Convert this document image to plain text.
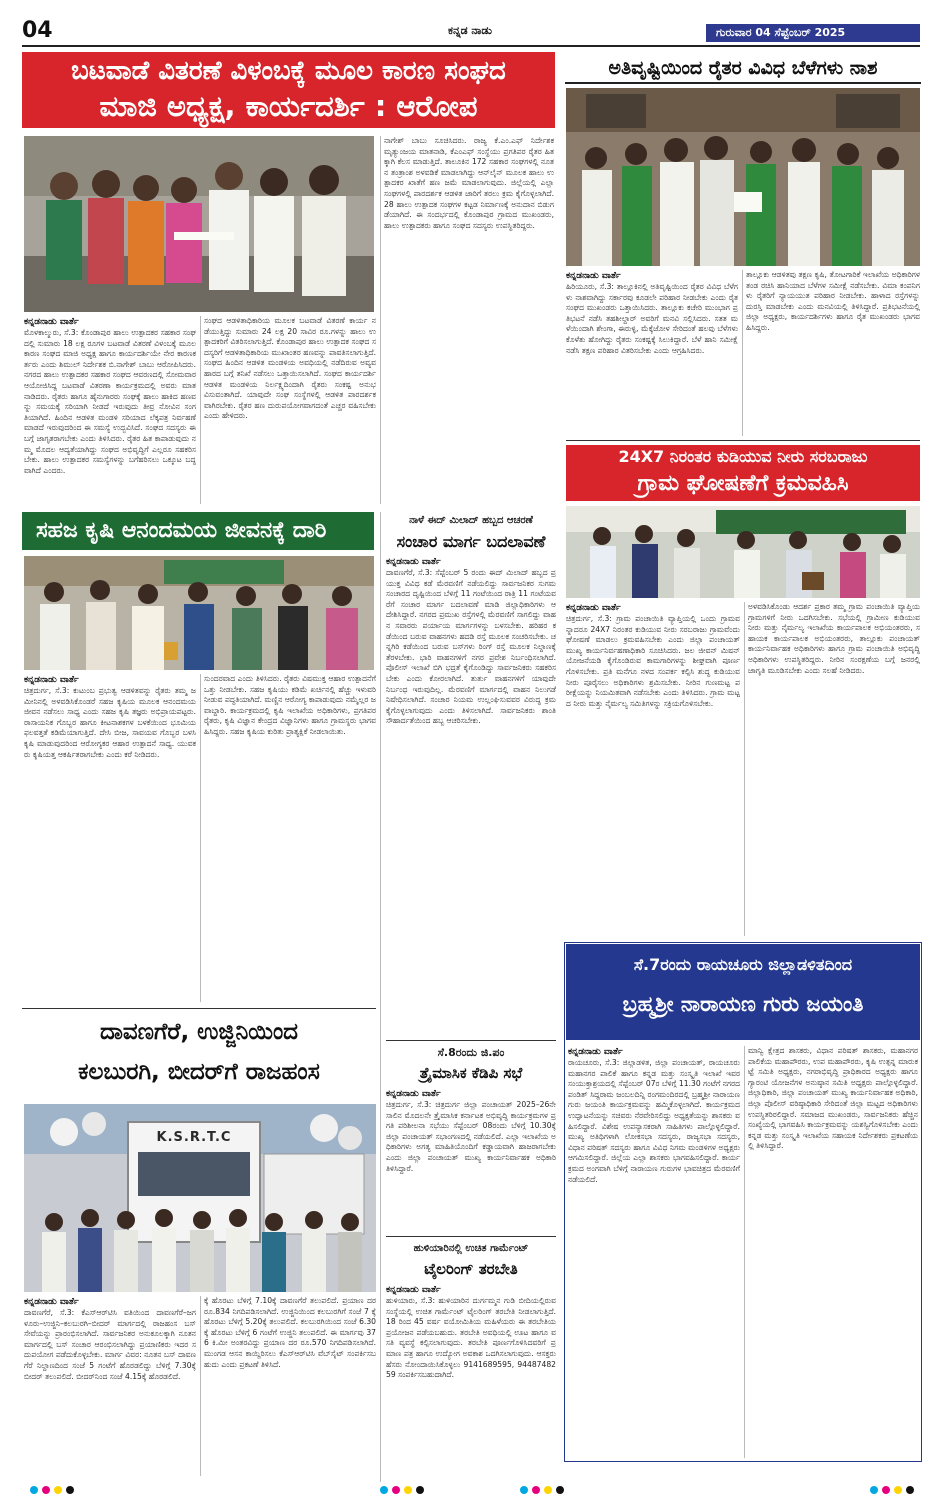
04	ಕನ್ನಡ ನಾಡು	ಗುರುವಾರ 04 ಸೆಪ್ಟೆಂಬರ್ 2025
ಬಟವಾಡೆ ವಿತರಣೆ ವಿಳಂಬಕ್ಕೆ ಮೂಲ ಕಾರಣ ಸಂಘದ
ಮಾಜಿ ಅಧ್ಯಕ್ಷ, ಕಾರ್ಯದರ್ಶಿ : ಆರೋಪ
ಕನ್ನಡನಾಡು ವಾರ್ತೆ
ಮೊಳಕಾಲ್ಮುರು, ಸೆ.3: ಕೊಂಡಾಪುರ ಹಾಲು ಉತ್ಪಾದಕರ ಸಹಕಾರ ಸಂಘದಲ್ಲಿ ಸುಮಾರು 18 ಲಕ್ಷ ರೂಗಳ ಬಟವಾಡೆ ವಿತರಣೆ ವಿಳಂಬಕ್ಕೆ ಮೂಲ ಕಾರಣ ಸಂಘದ ಮಾಜಿ ಅಧ್ಯಕ್ಷ ಹಾಗೂ ಕಾರ್ಯದರ್ಶಿಯೇ ನೇರ ಕಾರಣಕರ್ತರು ಎಂದು ಶಿಮುಲ್ ನಿರ್ದೇಶಕ ಬಿ.ನಾಗೇಶ್ ಬಾಬು ಆರೋಪಿಸಿದರು. ನಗರದ ಹಾಲು ಉತ್ಪಾದಕರ ಸಹಕಾರ ಸಂಘದ ಆವರಣದಲ್ಲಿ ಸೋಮವಾರ ಆಯೋಜಿಸಿದ್ದ ಬಟವಾಡೆ ವಿತರಣಾ ಕಾರ್ಯಕ್ರಮದಲ್ಲಿ ಅವರು ಮಾತನಾಡಿದರು. ರೈತರು ಹಾಗೂ ಹೈನುಗಾರರು ಸಂಘಕ್ಕೆ ಹಾಲು ಹಾಕಿದ ಹಣವನ್ನು ಸಮಯಕ್ಕೆ ಸರಿಯಾಗಿ ನೀಡದೆ ಇರುವುದು ತೀವ್ರ ನೋವಿನ ಸಂಗತಿಯಾಗಿದೆ. ಹಿಂದಿನ ಆಡಳಿತ ಮಂಡಳಿ ಸರಿಯಾದ ಲೆಕ್ಕಪತ್ರ ನಿರ್ವಹಣೆ ಮಾಡದೆ ಇರುವುದರಿಂದ ಈ ಸಮಸ್ಯೆ ಉದ್ಭವಿಸಿದೆ. ಸಂಘದ ಸದಸ್ಯರು ಈ ಬಗ್ಗೆ ಜಾಗೃತರಾಗಬೇಕು ಎಂದು ತಿಳಿಸಿದರು. ರೈತರ ಹಿತ ಕಾಪಾಡುವುದು ನಮ್ಮ ಮೊದಲ ಆದ್ಯತೆಯಾಗಿದ್ದು ಸಂಘದ ಅಭಿವೃದ್ಧಿಗೆ ಎಲ್ಲರೂ ಸಹಕರಿಸಬೇಕು. ಹಾಲು ಉತ್ಪಾದಕರ ಸಮಸ್ಯೆಗಳನ್ನು ಬಗೆಹರಿಸಲು ಒಕ್ಕೂಟ ಬದ್ಧವಾಗಿದೆ ಎಂದರು.
ಸಂಘದ ಆಡಳಿತಾಧಿಕಾರಿಯ ಮೂಲಕ ಬಟವಾಡೆ ವಿತರಣೆ ಕಾರ್ಯ ನಡೆಯುತ್ತಿದ್ದು ಸುಮಾರು 24 ಲಕ್ಷ 20 ಸಾವಿರ ರೂ.ಗಳನ್ನು ಹಾಲು ಉತ್ಪಾದಕರಿಗೆ ವಿತರಿಸಲಾಗುತ್ತಿದೆ. ಕೊಂಡಾಪುರ ಹಾಲು ಉತ್ಪಾದಕ ಸಂಘದ ಸದಸ್ಯರಿಗೆ ಆಡಳಿತಾಧಿಕಾರಿಯ ಮುಖಾಂತರ ಹಣವನ್ನು ಪಾವತಿಸಲಾಗುತ್ತಿದೆ. ಸಂಘದ ಹಿಂದಿನ ಆಡಳಿತ ಮಂಡಳಿಯ ಅವಧಿಯಲ್ಲಿ ನಡೆದಿರುವ ಅವ್ಯವಹಾರದ ಬಗ್ಗೆ ತನಿಖೆ ನಡೆಸಲು ಒತ್ತಾಯಿಸಲಾಗಿದೆ. ಸಂಘದ ಕಾರ್ಯದರ್ಶಿ ಆಡಳಿತ ಮಂಡಳಿಯ ನಿರ್ಲಕ್ಷ್ಯದಿಂದಾಗಿ ರೈತರು ಸಂಕಷ್ಟ ಅನುಭವಿಸುವಂತಾಗಿದೆ. ಯಾವುದೇ ಸಂಘ ಸಂಸ್ಥೆಗಳಲ್ಲಿ ಆಡಳಿತ ಪಾರದರ್ಶಕವಾಗಿರಬೇಕು. ರೈತರ ಹಣ ದುರುಪಯೋಗವಾಗದಂತೆ ಎಚ್ಚರ ವಹಿಸಬೇಕು ಎಂದು ಹೇಳಿದರು.
ನಾಗೇಶ್ ಬಾಬು ಸೂಚಿಸಿದರು. ರಾಜ್ಯ ಕೆ.ಎಂ.ಎಫ್ ನಿರ್ದೇಶಕ ಮೃತ್ಯುಂಜಯ ಮಾತನಾಡಿ, ಕೆಎಂಎಫ್ ಸಂಸ್ಥೆಯು ಪ್ರಗತಿಪರ ರೈತರ ಹಿತಕ್ಕಾಗಿ ಕೆಲಸ ಮಾಡುತ್ತಿದೆ. ತಾಲೂಕಿನ 172 ಸಹಕಾರ ಸಂಘಗಳಲ್ಲಿ ನೂತನ ತಂತ್ರಾಂಶ ಅಳವಡಿಕೆ ಮಾಡಲಾಗಿದ್ದು ಆನ್‌ಲೈನ್ ಮೂಲಕ ಹಾಲು ಉತ್ಪಾದಕರ ಖಾತೆಗೆ ಹಣ ಜಮೆ ಮಾಡಲಾಗುವುದು. ಜಿಲ್ಲೆಯಲ್ಲಿ ಎಲ್ಲಾ ಸಂಘಗಳಲ್ಲಿ ಪಾರದರ್ಶಕ ಆಡಳಿತ ಜಾರಿಗೆ ತರಲು ಕ್ರಮ ಕೈಗೊಳ್ಳಲಾಗಿದೆ. 28 ಹಾಲು ಉತ್ಪಾದಕ ಸಂಘಗಳ ಕಟ್ಟಡ ನಿರ್ಮಾಣಕ್ಕೆ ಅನುದಾನ ಬಿಡುಗಡೆಯಾಗಿದೆ. ಈ ಸಂದರ್ಭದಲ್ಲಿ ಕೊಂಡಾಪುರ ಗ್ರಾಮದ ಮುಖಂಡರು, ಹಾಲು ಉತ್ಪಾದಕರು ಹಾಗೂ ಸಂಘದ ಸದಸ್ಯರು ಉಪಸ್ಥಿತರಿದ್ದರು.
ಅತಿವೃಷ್ಟಿಯಿಂದ ರೈತರ ವಿವಿಧ ಬೆಳೆಗಳು ನಾಶ
ಕನ್ನಡನಾಡು ವಾರ್ತೆ
ಹಿರಿಯೂರು, ಸೆ.3: ತಾಲ್ಲೂಕಿನಲ್ಲಿ ಅತಿವೃಷ್ಟಿಯಿಂದ ರೈತರ ವಿವಿಧ ಬೆಳೆಗಳು ನಾಶವಾಗಿದ್ದು ಸರ್ಕಾರವು ಕೂಡಲೇ ಪರಿಹಾರ ನೀಡಬೇಕು ಎಂದು ರೈತ ಸಂಘದ ಮುಖಂಡರು ಒತ್ತಾಯಿಸಿದರು. ತಾಲ್ಲೂಕು ಕಚೇರಿ ಮುಂಭಾಗ ಪ್ರತಿಭಟನೆ ನಡೆಸಿ ತಹಶೀಲ್ದಾರ್ ಅವರಿಗೆ ಮನವಿ ಸಲ್ಲಿಸಿದರು. ಸತತ ಮಳೆಯಿಂದಾಗಿ ಶೇಂಗಾ, ಈರುಳ್ಳಿ, ಮೆಕ್ಕೆಜೋಳ ಸೇರಿದಂತೆ ಹಲವು ಬೆಳೆಗಳು ಕೊಳೆತು ಹೋಗಿದ್ದು ರೈತರು ಸಂಕಷ್ಟಕ್ಕೆ ಸಿಲುಕಿದ್ದಾರೆ. ಬೆಳೆ ಹಾನಿ ಸಮೀಕ್ಷೆ ನಡೆಸಿ ತಕ್ಷಣ ಪರಿಹಾರ ವಿತರಿಸಬೇಕು ಎಂದು ಆಗ್ರಹಿಸಿದರು.
ತಾಲ್ಲೂಕು ಆಡಳಿತವು ತಕ್ಷಣ ಕೃಷಿ, ತೋಟಗಾರಿಕೆ ಇಲಾಖೆಯ ಅಧಿಕಾರಿಗಳ ತಂಡ ರಚಿಸಿ ಹಾನಿಯಾದ ಬೆಳೆಗಳ ಸಮೀಕ್ಷೆ ನಡೆಸಬೇಕು. ವಿಮಾ ಕಂಪನಿಗಳು ರೈತರಿಗೆ ನ್ಯಾಯಯುತ ಪರಿಹಾರ ನೀಡಬೇಕು. ಹಾಳಾದ ರಸ್ತೆಗಳನ್ನು ದುರಸ್ತಿ ಮಾಡಬೇಕು ಎಂದು ಮನವಿಯಲ್ಲಿ ತಿಳಿಸಿದ್ದಾರೆ. ಪ್ರತಿಭಟನೆಯಲ್ಲಿ ಜಿಲ್ಲಾ ಅಧ್ಯಕ್ಷರು, ಕಾರ್ಯದರ್ಶಿಗಳು ಹಾಗೂ ರೈತ ಮುಖಂಡರು ಭಾಗವಹಿಸಿದ್ದರು.
24X7 ನಿರಂತರ ಕುಡಿಯುವ ನೀರು ಸರಬರಾಜು
ಗ್ರಾಮ ಘೋಷಣೆಗೆ ಕ್ರಮವಹಿಸಿ
ಕನ್ನಡನಾಡು ವಾರ್ತೆ
ಚಿತ್ರದುರ್ಗ, ಸೆ.3: ಗ್ರಾಮ ಪಂಚಾಯಿತಿ ವ್ಯಾಪ್ತಿಯಲ್ಲಿ ಒಂದು ಗ್ರಾಮವನ್ನಾದರೂ 24X7 ನಿರಂತರ ಕುಡಿಯುವ ನೀರು ಸರಬರಾಜು ಗ್ರಾಮವೆಂದು ಘೋಷಣೆ ಮಾಡಲು ಕ್ರಮವಹಿಸಬೇಕು ಎಂದು ಜಿಲ್ಲಾ ಪಂಚಾಯತ್ ಮುಖ್ಯ ಕಾರ್ಯನಿರ್ವಹಣಾಧಿಕಾರಿ ಸೂಚಿಸಿದರು. ಜಲ ಜೀವನ್ ಮಿಷನ್ ಯೋಜನೆಯಡಿ ಕೈಗೊಂಡಿರುವ ಕಾಮಗಾರಿಗಳನ್ನು ಶೀಘ್ರವಾಗಿ ಪೂರ್ಣಗೊಳಿಸಬೇಕು. ಪ್ರತಿ ಮನೆಗೂ ನಳದ ಸಂಪರ್ಕ ಕಲ್ಪಿಸಿ ಶುದ್ಧ ಕುಡಿಯುವ ನೀರು ಪೂರೈಸಲು ಅಧಿಕಾರಿಗಳು ಶ್ರಮಿಸಬೇಕು. ನೀರಿನ ಗುಣಮಟ್ಟ ಪರೀಕ್ಷೆಯನ್ನು ನಿಯಮಿತವಾಗಿ ನಡೆಸಬೇಕು ಎಂದು ತಿಳಿಸಿದರು. ಗ್ರಾಮ ಮಟ್ಟದ ನೀರು ಮತ್ತು ನೈರ್ಮಲ್ಯ ಸಮಿತಿಗಳನ್ನು ಸಕ್ರಿಯಗೊಳಿಸಬೇಕು.
ಅಳವಡಿಸಿಕೊಂಡು ಆದರ್ಶ ಪ್ರಕಾರ ತಮ್ಮ ಗ್ರಾಮ ಪಂಚಾಯಿತಿ ವ್ಯಾಪ್ತಿಯ ಗ್ರಾಮಗಳಿಗೆ ನೀರು ಒದಗಿಸಬೇಕು. ಸಭೆಯಲ್ಲಿ ಗ್ರಾಮೀಣ ಕುಡಿಯುವ ನೀರು ಮತ್ತು ನೈರ್ಮಲ್ಯ ಇಲಾಖೆಯ ಕಾರ್ಯಪಾಲಕ ಅಭಿಯಂತರರು, ಸಹಾಯಕ ಕಾರ್ಯಪಾಲಕ ಅಭಿಯಂತರರು, ತಾಲ್ಲೂಕು ಪಂಚಾಯತ್ ಕಾರ್ಯನಿರ್ವಾಹಕ ಅಧಿಕಾರಿಗಳು ಹಾಗೂ ಗ್ರಾಮ ಪಂಚಾಯಿತಿ ಅಭಿವೃದ್ಧಿ ಅಧಿಕಾರಿಗಳು ಉಪಸ್ಥಿತರಿದ್ದರು. ನೀರಿನ ಸಂರಕ್ಷಣೆಯ ಬಗ್ಗೆ ಜನರಲ್ಲಿ ಜಾಗೃತಿ ಮೂಡಿಸಬೇಕು ಎಂದು ಸಲಹೆ ನೀಡಿದರು.
ಸಹಜ ಕೃಷಿ ಆನಂದಮಯ ಜೀವನಕ್ಕೆ ದಾರಿ
ಕನ್ನಡನಾಡು ವಾರ್ತೆ
ಚಿತ್ರದುರ್ಗ, ಸೆ.3: ಕುಟುಂಬ ಪ್ರಭುತ್ವ ಆಡಳಿತವನ್ನು ರೈತರು ತಮ್ಮ ಜಮೀನಿನಲ್ಲಿ ಅಳವಡಿಸಿಕೊಂಡರೆ ಸಹಜ ಕೃಷಿಯ ಮೂಲಕ ಆನಂದಮಯ ಜೀವನ ನಡೆಸಲು ಸಾಧ್ಯ ಎಂದು ಸಹಜ ಕೃಷಿ ತಜ್ಞರು ಅಭಿಪ್ರಾಯಪಟ್ಟರು. ರಾಸಾಯನಿಕ ಗೊಬ್ಬರ ಹಾಗೂ ಕೀಟನಾಶಕಗಳ ಬಳಕೆಯಿಂದ ಭೂಮಿಯ ಫಲವತ್ತತೆ ಕಡಿಮೆಯಾಗುತ್ತಿದೆ. ದೇಸಿ ಬೀಜ, ಸಾವಯವ ಗೊಬ್ಬರ ಬಳಸಿ ಕೃಷಿ ಮಾಡುವುದರಿಂದ ಆರೋಗ್ಯಕರ ಆಹಾರ ಉತ್ಪಾದನೆ ಸಾಧ್ಯ. ಯುವಕರು ಕೃಷಿಯತ್ತ ಆಕರ್ಷಿತರಾಗಬೇಕು ಎಂದು ಕರೆ ನೀಡಿದರು.
ಸುಂದರವಾದ ಎಂದು ತಿಳಿಸಿದರು. ರೈತರು ವಿಷಮುಕ್ತ ಆಹಾರ ಉತ್ಪಾದನೆಗೆ ಒತ್ತು ನೀಡಬೇಕು. ಸಹಜ ಕೃಷಿಯು ಕಡಿಮೆ ಖರ್ಚಿನಲ್ಲಿ ಹೆಚ್ಚು ಇಳುವರಿ ನೀಡುವ ಪದ್ಧತಿಯಾಗಿದೆ. ಮಣ್ಣಿನ ಆರೋಗ್ಯ ಕಾಪಾಡುವುದು ನಮ್ಮೆಲ್ಲರ ಜವಾಬ್ದಾರಿ. ಕಾರ್ಯಕ್ರಮದಲ್ಲಿ ಕೃಷಿ ಇಲಾಖೆಯ ಅಧಿಕಾರಿಗಳು, ಪ್ರಗತಿಪರ ರೈತರು, ಕೃಷಿ ವಿಜ್ಞಾನ ಕೇಂದ್ರದ ವಿಜ್ಞಾನಿಗಳು ಹಾಗೂ ಗ್ರಾಮಸ್ಥರು ಭಾಗವಹಿಸಿದ್ದರು. ಸಹಜ ಕೃಷಿಯ ಕುರಿತು ಪ್ರಾತ್ಯಕ್ಷಿಕೆ ನೀಡಲಾಯಿತು.
ನಾಳೆ ಈದ್ ಮಿಲಾದ್ ಹಬ್ಬದ ಆಚರಣೆ
ಸಂಚಾರ ಮಾರ್ಗ ಬದಲಾವಣೆ
ಕನ್ನಡನಾಡು ವಾರ್ತೆ
ದಾವಣಗೆರೆ, ಸೆ.3: ಸೆಪ್ಟೆಂಬರ್ 5 ರಂದು ಈದ್ ಮಿಲಾದ್ ಹಬ್ಬದ ಪ್ರಯುಕ್ತ ವಿವಿಧ ಕಡೆ ಮೆರವಣಿಗೆ ನಡೆಯಲಿದ್ದು ಸಾರ್ವಜನಿಕರ ಸುಗಮ ಸಂಚಾರದ ದೃಷ್ಟಿಯಿಂದ ಬೆಳಿಗ್ಗೆ 11 ಗಂಟೆಯಿಂದ ರಾತ್ರಿ 11 ಗಂಟೆಯವರೆಗೆ ಸಂಚಾರ ಮಾರ್ಗ ಬದಲಾವಣೆ ಮಾಡಿ ಜಿಲ್ಲಾಧಿಕಾರಿಗಳು ಆದೇಶಿಸಿದ್ದಾರೆ. ನಗರದ ಪ್ರಮುಖ ರಸ್ತೆಗಳಲ್ಲಿ ಮೆರವಣಿಗೆ ಸಾಗಲಿದ್ದು ವಾಹನ ಸವಾರರು ಪರ್ಯಾಯ ಮಾರ್ಗಗಳನ್ನು ಬಳಸಬೇಕು. ಹರಿಹರ ಕಡೆಯಿಂದ ಬರುವ ವಾಹನಗಳು ಹದಡಿ ರಸ್ತೆ ಮೂಲಕ ಸಂಚರಿಸಬೇಕು. ಚನ್ನಗಿರಿ ಕಡೆಯಿಂದ ಬರುವ ಬಸ್‌ಗಳು ರಿಂಗ್ ರಸ್ತೆ ಮೂಲಕ ನಿಲ್ದಾಣಕ್ಕೆ ತೆರಳಬೇಕು. ಭಾರಿ ವಾಹನಗಳಿಗೆ ನಗರ ಪ್ರವೇಶ ನಿರ್ಬಂಧಿಸಲಾಗಿದೆ. ಪೊಲೀಸ್ ಇಲಾಖೆ ಬಿಗಿ ಭದ್ರತೆ ಕೈಗೊಂಡಿದ್ದು ಸಾರ್ವಜನಿಕರು ಸಹಕರಿಸಬೇಕು ಎಂದು ಕೋರಲಾಗಿದೆ. ತುರ್ತು ವಾಹನಗಳಿಗೆ ಯಾವುದೇ ನಿರ್ಬಂಧ ಇರುವುದಿಲ್ಲ. ಮೆರವಣಿಗೆ ಮಾರ್ಗದಲ್ಲಿ ವಾಹನ ನಿಲುಗಡೆ ನಿಷೇಧಿಸಲಾಗಿದೆ. ಸಂಚಾರ ನಿಯಮ ಉಲ್ಲಂಘಿಸುವವರ ವಿರುದ್ಧ ಕ್ರಮ ಕೈಗೊಳ್ಳಲಾಗುವುದು ಎಂದು ತಿಳಿಸಲಾಗಿದೆ. ಸಾರ್ವಜನಿಕರು ಶಾಂತಿ ಸೌಹಾರ್ದತೆಯಿಂದ ಹಬ್ಬ ಆಚರಿಸಬೇಕು.
ಸೆ.8ರಂದು ಜಿ.ಪಂ
ತ್ರೈಮಾಸಿಕ ಕೆಡಿಪಿ ಸಭೆ
ಕನ್ನಡನಾಡು ವಾರ್ತೆ
ಚಿತ್ರದುರ್ಗ, ಸೆ.3: ಚಿತ್ರದುರ್ಗ ಜಿಲ್ಲಾ ಪಂಚಾಯತ್ 2025–26ನೇ ಸಾಲಿನ ಮೊದಲನೇ ತ್ರೈಮಾಸಿಕ ಕರ್ನಾಟಕ ಅಭಿವೃದ್ಧಿ ಕಾರ್ಯಕ್ರಮಗಳ ಪ್ರಗತಿ ಪರಿಶೀಲನಾ ಸಭೆಯು ಸೆಪ್ಟೆಂಬರ್ 08ರಂದು ಬೆಳಿಗ್ಗೆ 10.30ಕ್ಕೆ ಜಿಲ್ಲಾ ಪಂಚಾಯತ್ ಸಭಾಂಗಣದಲ್ಲಿ ನಡೆಯಲಿದೆ. ಎಲ್ಲಾ ಇಲಾಖೆಯ ಅಧಿಕಾರಿಗಳು ಅಗತ್ಯ ಮಾಹಿತಿಯೊಂದಿಗೆ ಕಡ್ಡಾಯವಾಗಿ ಹಾಜರಾಗಬೇಕು ಎಂದು ಜಿಲ್ಲಾ ಪಂಚಾಯತ್ ಮುಖ್ಯ ಕಾರ್ಯನಿರ್ವಾಹಕ ಅಧಿಕಾರಿ ತಿಳಿಸಿದ್ದಾರೆ.
ಹುಳಿಯಾರಿನಲ್ಲಿ ಉಚಿತ ಗಾರ್ಮೆಂಟ್
ಟೈಲರಿಂಗ್ ತರಬೇತಿ
ಕನ್ನಡನಾಡು ವಾರ್ತೆ
ಹುಳಿಯಾರು, ಸೆ.3: ಹುಳಿಯಾರಿನ ದುರ್ಗಮ್ಮನ ಗುಡಿ ಬೀದಿಯಲ್ಲಿರುವ ಸಂಸ್ಥೆಯಲ್ಲಿ ಉಚಿತ ಗಾರ್ಮೆಂಟ್ ಟೈಲರಿಂಗ್ ತರಬೇತಿ ನೀಡಲಾಗುತ್ತಿದೆ. 18 ರಿಂದ 45 ವರ್ಷ ವಯೋಮಿತಿಯ ಮಹಿಳೆಯರು ಈ ತರಬೇತಿಯ ಪ್ರಯೋಜನ ಪಡೆಯಬಹುದು. ತರಬೇತಿ ಅವಧಿಯಲ್ಲಿ ಊಟ ಹಾಗೂ ವಸತಿ ವ್ಯವಸ್ಥೆ ಕಲ್ಪಿಸಲಾಗುವುದು. ತರಬೇತಿ ಪೂರ್ಣಗೊಳಿಸಿದವರಿಗೆ ಪ್ರಮಾಣ ಪತ್ರ ಹಾಗೂ ಉದ್ಯೋಗ ಅವಕಾಶ ಒದಗಿಸಲಾಗುವುದು. ಆಸಕ್ತರು ಹೆಸರು ನೋಂದಾಯಿಸಿಕೊಳ್ಳಲು 9141689595, 9448748259 ಸಂಪರ್ಕಿಸಬಹುದಾಗಿದೆ.
ದಾವಣಗೆರೆ, ಉಜ್ಜಿನಿಯಿಂದ
ಕಲಬುರಗಿ, ಬೀದರ್‌ಗೆ ರಾಜಹಂಸ
K.S.R.T.C
ಕನ್ನಡನಾಡು ವಾರ್ತೆ
ದಾವಣಗೆರೆ, ಸೆ.3: ಕೆಎಸ್‌ಆರ್‌ಟಿಸಿ ವತಿಯಿಂದ ದಾವಣಗೆರೆ–ಜಗಳೂರು–ಉಜ್ಜಿನಿ–ಕಲಬುರಗಿ–ಬೀದರ್ ಮಾರ್ಗದಲ್ಲಿ ರಾಜಹಂಸ ಬಸ್ ಸೇವೆಯನ್ನು ಪ್ರಾರಂಭಿಸಲಾಗಿದೆ. ಸಾರ್ವಜನಿಕರ ಅನುಕೂಲಕ್ಕಾಗಿ ನೂತನ ಮಾರ್ಗದಲ್ಲಿ ಬಸ್ ಸಂಚಾರ ಆರಂಭಿಸಲಾಗಿದ್ದು ಪ್ರಯಾಣಿಕರು ಇದರ ಸದುಪಯೋಗ ಪಡೆದುಕೊಳ್ಳಬೇಕು. ಮಾರ್ಗ ವಿವರ: ನೂತನ ಬಸ್ ದಾವಣಗೆರೆ ನಿಲ್ದಾಣದಿಂದ ಸಂಜೆ 5 ಗಂಟೆಗೆ ಹೊರಡಲಿದ್ದು ಬೆಳಿಗ್ಗೆ 7.30ಕ್ಕೆ ಬೀದರ್ ತಲುಪಲಿದೆ. ಬೀದರ್‌ನಿಂದ ಸಂಜೆ 4.15ಕ್ಕೆ ಹೊರಡಲಿದೆ.
ಕ್ಕೆ ಹೊರಟು ಬೆಳಿಗ್ಗೆ 7.10ಕ್ಕೆ ದಾವಣಗೆರೆ ತಲುಪಲಿದೆ. ಪ್ರಯಾಣ ದರ ರೂ.834 ನಿಗದಿಪಡಿಸಲಾಗಿದೆ. ಉಜ್ಜಿನಿಯಿಂದ ಕಲಬುರಗಿಗೆ ಸಂಜೆ 7 ಕ್ಕೆ ಹೊರಟು ಬೆಳಿಗ್ಗೆ 5.20ಕ್ಕೆ ತಲುಪಲಿದೆ. ಕಲಬುರಗಿಯಿಂದ ಸಂಜೆ 6.30ಕ್ಕೆ ಹೊರಟು ಬೆಳಿಗ್ಗೆ 6 ಗಂಟೆಗೆ ಉಜ್ಜಿನಿ ತಲುಪಲಿದೆ. ಈ ಮಾರ್ಗವು 376 ಕಿ.ಮೀ ಅಂತರವಿದ್ದು ಪ್ರಯಾಣ ದರ ರೂ.570 ನಿಗದಿಪಡಿಸಲಾಗಿದೆ. ಮುಂಗಡ ಆಸನ ಕಾಯ್ದಿರಿಸಲು ಕೆಎಸ್‌ಆರ್‌ಟಿಸಿ ವೆಬ್‌ಸೈಟ್ ಸಂಪರ್ಕಿಸಬಹುದು ಎಂದು ಪ್ರಕಟಣೆ ತಿಳಿಸಿದೆ.
ಸೆ.7ರಂದು ರಾಯಚೂರು ಜಿಲ್ಲಾಡಳಿತದಿಂದ
ಬ್ರಹ್ಮಶ್ರೀ ನಾರಾಯಣ ಗುರು ಜಯಂತಿ
ಕನ್ನಡನಾಡು ವಾರ್ತೆ
ರಾಯಚೂರು, ಸೆ.3: ಜಿಲ್ಲಾಡಳಿತ, ಜಿಲ್ಲಾ ಪಂಚಾಯತ್, ರಾಯಚೂರು ಮಹಾನಗರ ಪಾಲಿಕೆ ಹಾಗೂ ಕನ್ನಡ ಮತ್ತು ಸಂಸ್ಕೃತಿ ಇಲಾಖೆ ಇವರ ಸಂಯುಕ್ತಾಶ್ರಯದಲ್ಲಿ ಸೆಪ್ಟೆಂಬರ್ 07ರ ಬೆಳಿಗ್ಗೆ 11.30 ಗಂಟೆಗೆ ನಗರದ ಪಂಡಿತ್ ಸಿದ್ದರಾಮ ಜಂಬಲದಿನ್ನಿ ರಂಗಮಂದಿರದಲ್ಲಿ ಬ್ರಹ್ಮಶ್ರೀ ನಾರಾಯಣ ಗುರು ಜಯಂತಿ ಕಾರ್ಯಕ್ರಮವನ್ನು ಹಮ್ಮಿಕೊಳ್ಳಲಾಗಿದೆ. ಕಾರ್ಯಕ್ರಮದ ಉದ್ಘಾಟನೆಯನ್ನು ಸಚಿವರು ನೆರವೇರಿಸಲಿದ್ದು ಅಧ್ಯಕ್ಷತೆಯನ್ನು ಶಾಸಕರು ವಹಿಸಲಿದ್ದಾರೆ. ವಿಶೇಷ ಉಪನ್ಯಾಸಕರಾಗಿ ಸಾಹಿತಿಗಳು ಪಾಲ್ಗೊಳ್ಳಲಿದ್ದಾರೆ. ಮುಖ್ಯ ಅತಿಥಿಗಳಾಗಿ ಲೋಕಸಭಾ ಸದಸ್ಯರು, ರಾಜ್ಯಸಭಾ ಸದಸ್ಯರು, ವಿಧಾನ ಪರಿಷತ್ ಸದಸ್ಯರು ಹಾಗೂ ವಿವಿಧ ನಿಗಮ ಮಂಡಳಿಗಳ ಅಧ್ಯಕ್ಷರು ಆಗಮಿಸಲಿದ್ದಾರೆ. ಜಿಲ್ಲೆಯ ಎಲ್ಲಾ ಶಾಸಕರು ಭಾಗವಹಿಸಲಿದ್ದಾರೆ. ಕಾರ್ಯಕ್ರಮದ ಅಂಗವಾಗಿ ಬೆಳಿಗ್ಗೆ ನಾರಾಯಣ ಗುರುಗಳ ಭಾವಚಿತ್ರದ ಮೆರವಣಿಗೆ ನಡೆಯಲಿದೆ.
ಮಾನ್ವಿ ಕ್ಷೇತ್ರದ ಶಾಸಕರು, ವಿಧಾನ ಪರಿಷತ್ ಶಾಸಕರು, ಮಹಾನಗರ ಪಾಲಿಕೆಯ ಮಹಾಪೌರರು, ಉಪ ಮಹಾಪೌರರು, ಕೃಷಿ ಉತ್ಪನ್ನ ಮಾರುಕಟ್ಟೆ ಸಮಿತಿ ಅಧ್ಯಕ್ಷರು, ನಗರಾಭಿವೃದ್ಧಿ ಪ್ರಾಧಿಕಾರದ ಅಧ್ಯಕ್ಷರು ಹಾಗೂ ಗ್ಯಾರಂಟಿ ಯೋಜನೆಗಳ ಅನುಷ್ಠಾನ ಸಮಿತಿ ಅಧ್ಯಕ್ಷರು ಪಾಲ್ಗೊಳ್ಳಲಿದ್ದಾರೆ. ಜಿಲ್ಲಾಧಿಕಾರಿ, ಜಿಲ್ಲಾ ಪಂಚಾಯತ್ ಮುಖ್ಯ ಕಾರ್ಯನಿರ್ವಾಹಕ ಅಧಿಕಾರಿ, ಜಿಲ್ಲಾ ಪೊಲೀಸ್ ವರಿಷ್ಠಾಧಿಕಾರಿ ಸೇರಿದಂತೆ ಜಿಲ್ಲಾ ಮಟ್ಟದ ಅಧಿಕಾರಿಗಳು ಉಪಸ್ಥಿತರಿರಲಿದ್ದಾರೆ. ಸಮಾಜದ ಮುಖಂಡರು, ಸಾರ್ವಜನಿಕರು ಹೆಚ್ಚಿನ ಸಂಖ್ಯೆಯಲ್ಲಿ ಭಾಗವಹಿಸಿ ಕಾರ್ಯಕ್ರಮವನ್ನು ಯಶಸ್ವಿಗೊಳಿಸಬೇಕು ಎಂದು ಕನ್ನಡ ಮತ್ತು ಸಂಸ್ಕೃತಿ ಇಲಾಖೆಯ ಸಹಾಯಕ ನಿರ್ದೇಶಕರು ಪ್ರಕಟಣೆಯಲ್ಲಿ ತಿಳಿಸಿದ್ದಾರೆ.
